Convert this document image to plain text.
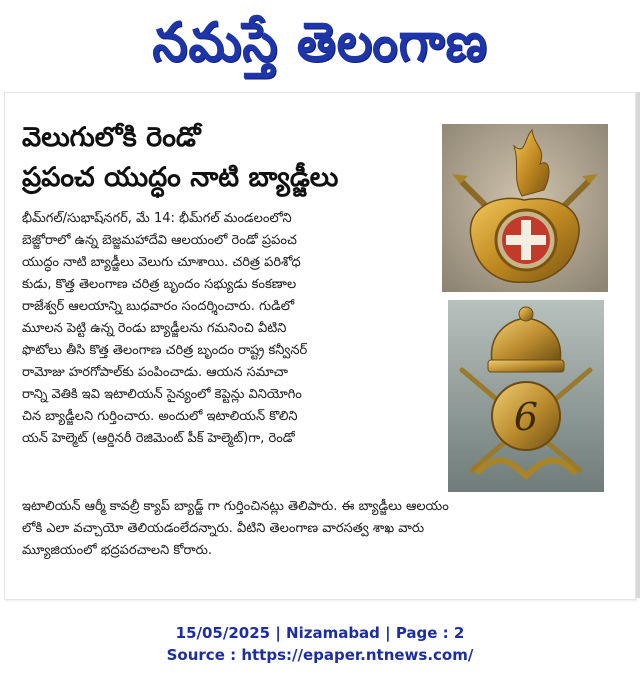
నమస్తే తెలంగాణ
వెలుగులోకి రెండో
ప్రపంచ యుద్ధం నాటి బ్యాడ్జీలు
6
భీమ్‌గల్/సుభాష్‌నగర్, మే 14: భీమ్‌గల్ మండలంలోని
బెజ్జోరాలో ఉన్న బెజ్జమహాదేవి ఆలయంలో రెండో ప్రపంచ
యుద్ధం నాటి బ్యాడ్జీలు వెలుగు చూశాయి. చరిత్ర పరిశోధ
కుడు, కొత్త తెలంగాణ చరిత్ర బృందం సభ్యుడు కంకణాల
రాజేశ్వర్ ఆలయాన్ని బుధవారం సందర్శించారు. గుడిలో
మూలన పెట్టి ఉన్న రెండు బ్యాడ్జీలను గమనించి వీటిని
ఫొటోలు తీసి కొత్త తెలంగాణ చరిత్ర బృందం రాష్ట్ర కన్వీనర్
రామోజు హరగోపాల్‌కు పంపించాడు. ఆయన సమాచా
రాన్ని వెతికి ఇవి ఇటాలియన్ సైన్యంలో కెప్టెన్లు వినియోగిం
చిన బ్యాడ్జీలని గుర్తించారు. అందులో ఇటాలియన్ కొలిని
యన్ హెల్మెట్ (ఆర్డినరీ రెజిమెంట్ పీక్ హెల్మెట్)గా, రెండో
ఇటాలియన్ ఆర్మీ కావల్రీ క్యాప్ బ్యాడ్జ్ గా గుర్తించినట్లు తెలిపారు. ఈ బ్యాడ్జీలు ఆలయం
లోకి ఎలా వచ్చాయో తెలియడంలేదన్నారు. వీటిని తెలంగాణ వారసత్వ శాఖ వారు
మ్యూజియంలో భద్రపరచాలని కోరారు.
15/05/2025 | Nizamabad | Page : 2
Source : https://epaper.ntnews.com/
